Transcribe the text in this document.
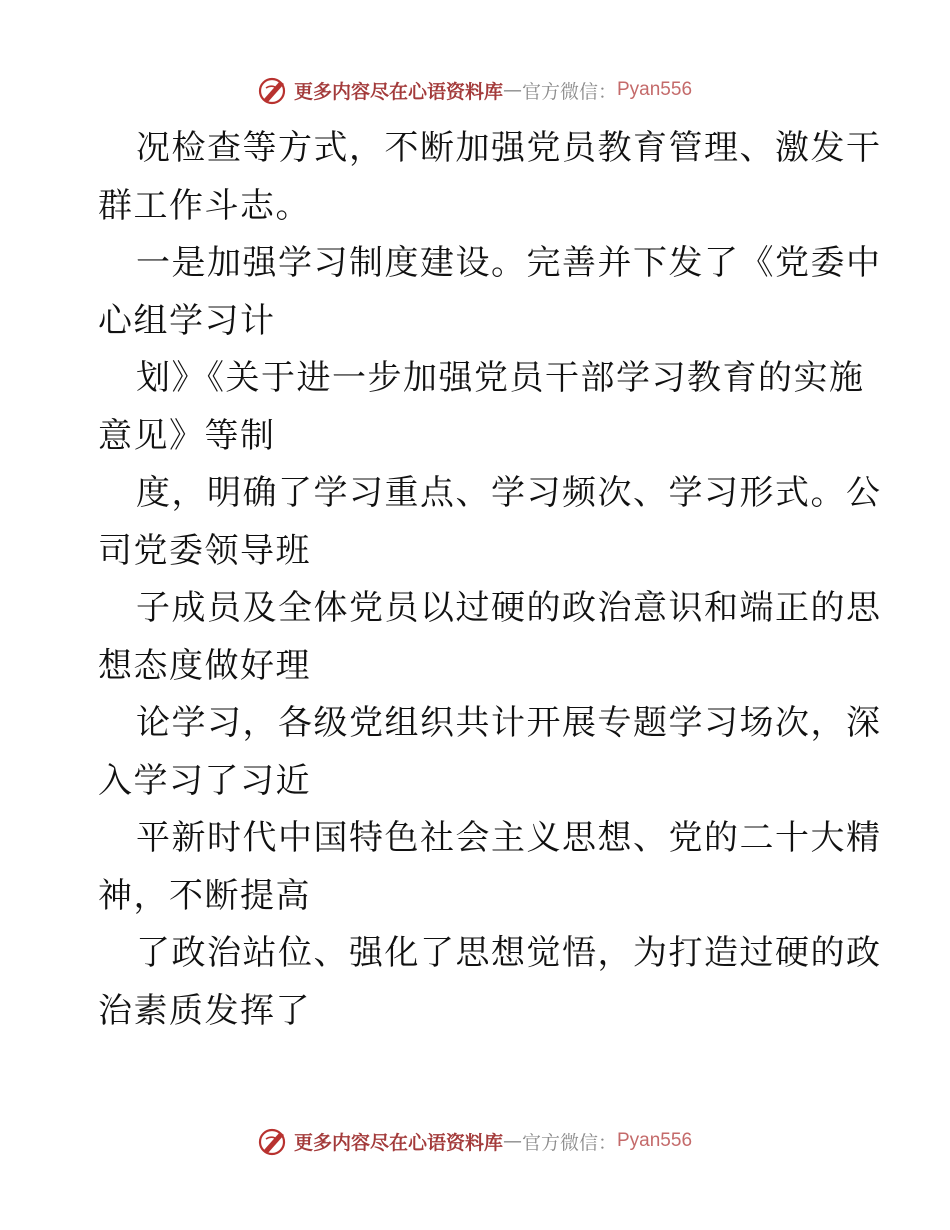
更多内容尽在心语资料库 — 官方微信： Pyan556
况检查等方式，不断加强党员教育管理、激发干
群工作斗志。
一是加强学习制度建设。完善并下发了《党委中
心组学习计
划》《关于进一步加强党员干部学习教育的实施
意见》等制
度，明确了学习重点、学习频次、学习形式。公
司党委领导班
子成员及全体党员以过硬的政治意识和端正的思
想态度做好理
论学习，各级党组织共计开展专题学习场次，深
入学习了习近
平新时代中国特色社会主义思想、党的二十大精
神，不断提高
了政治站位、强化了思想觉悟，为打造过硬的政
治素质发挥了
更多内容尽在心语资料库 — 官方微信： Pyan556
